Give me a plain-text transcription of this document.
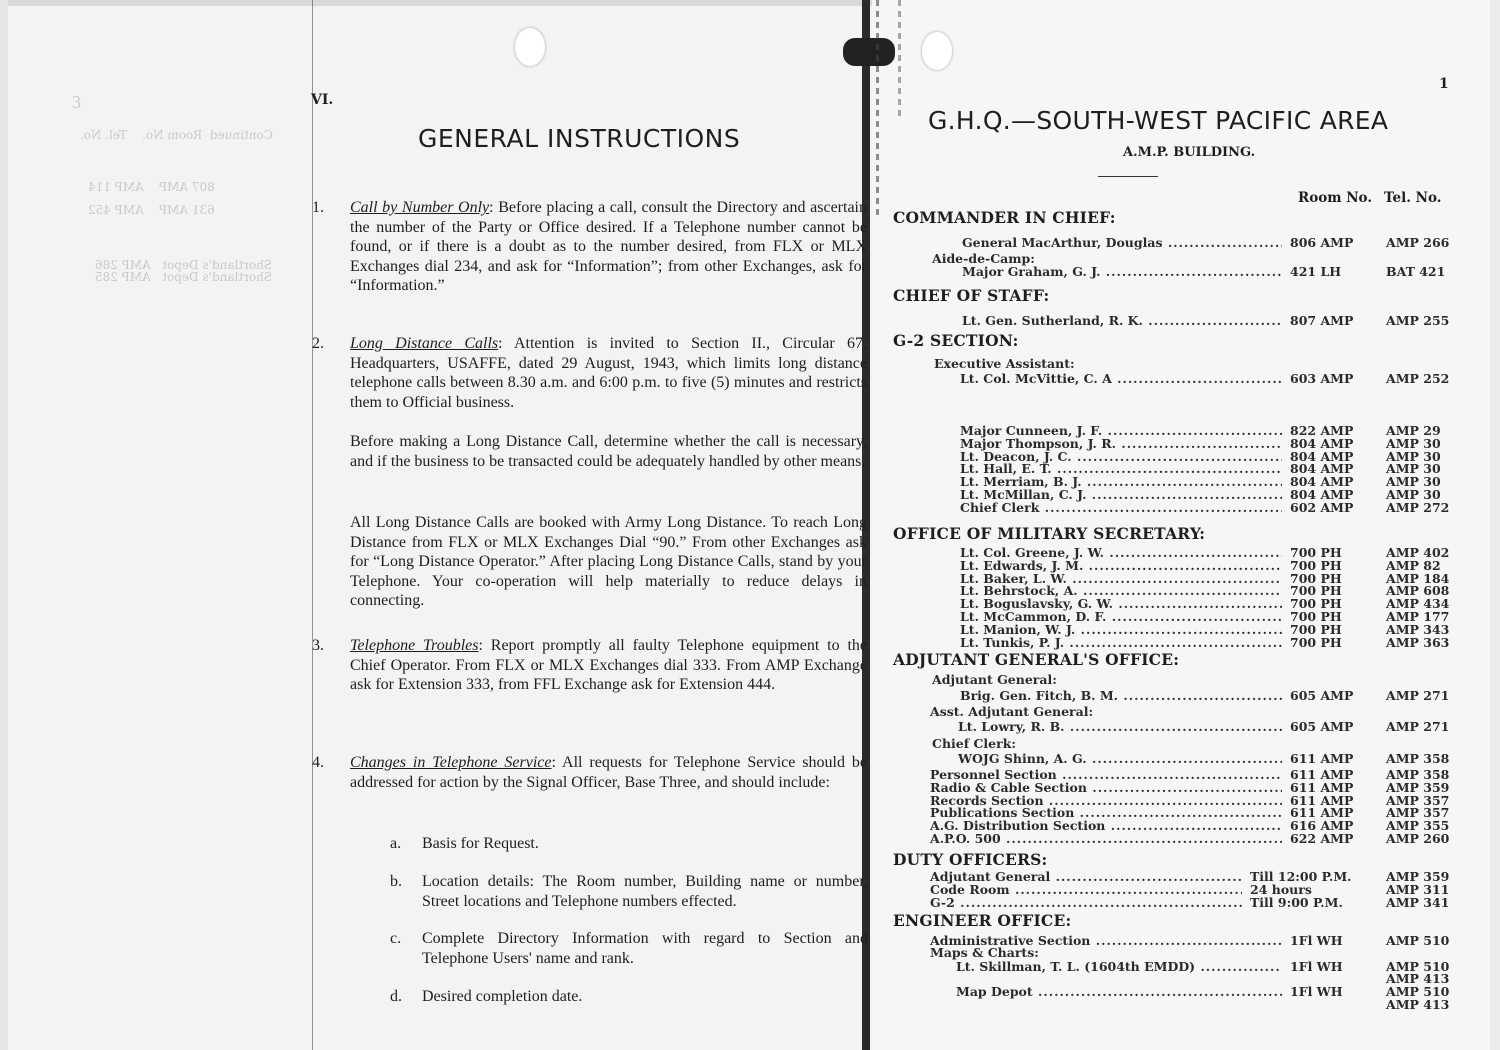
3
Continued  Room No.    Tel. No.
807 AMP    AMP 114
631 AMP    AMP 452
Shortland's Depot   AMP 286
Shortland's Depot   AMP 285
VI.
GENERAL INSTRUCTIONS
1. Call by Number Only: Before placing a call, consult the Directory and ascertain the number of the Party or Office desired. If a Telephone number cannot be found, or if there is a doubt as to the number desired, from FLX or MLX Exchanges dial 234, and ask for “Information”; from other Exchanges, ask for “Information.”
2. Long Distance Calls: Attention is invited to Section II., Circular 67, Headquarters, USAFFE, dated 29 August, 1943, which limits long distance telephone calls between 8.30 a.m. and 6:00 p.m. to five (5) minutes and restricts them to Official business.
Before making a Long Distance Call, determine whether the call is necessary, and if the business to be transacted could be adequately handled by other means.
All Long Distance Calls are booked with Army Long Distance. To reach Long Distance from FLX or MLX Exchanges Dial “90.” From other Exchanges ask for “Long Distance Operator.” After placing Long Distance Calls, stand by your Telephone. Your co-operation will help materially to reduce delays in connecting.
3. Telephone Troubles: Report promptly all faulty Telephone equipment to the Chief Operator. From FLX or MLX Exchanges dial 333. From AMP Exchange ask for Extension 333, from FFL Exchange ask for Extension 444.
4. Changes in Telephone Service: All requests for Telephone Service should be addressed for action by the Signal Officer, Base Three, and should include:
a. Basis for Request.
b. Location details: The Room number, Building name or number, Street locations and Telephone numbers effected.
c. Complete Directory Information with regard to Section and Telephone Users' name and rank.
d. Desired completion date.
1
G.H.Q.—SOUTH-WEST PACIFIC AREA
A.M.P. BUILDING.
Room No. Tel. No.
COMMANDER IN CHIEF:
General MacArthur, Douglas .....	806 AMP	AMP 266
Aide-de-Camp:
Major Graham, G. J. .....	421 LH	BAT 421
CHIEF OF STAFF:
Lt. Gen. Sutherland, R. K. .....	807 AMP	AMP 255
G-2 SECTION:
Executive Assistant:
Lt. Col. McVittie, C. A .....	603 AMP	AMP 252
Major Cunneen, J. F. .....	822 AMP	AMP 29
Major Thompson, J. R. .....	804 AMP	AMP 30
Lt. Deacon, J. C. .....	804 AMP	AMP 30
Lt. Hall, E. T. .....	804 AMP	AMP 30
Lt. Merriam, B. J. .....	804 AMP	AMP 30
Lt. McMillan, C. J. .....	804 AMP	AMP 30
Chief Clerk .....	602 AMP	AMP 272
OFFICE OF MILITARY SECRETARY:
Lt. Col. Greene, J. W. .....	700 PH	AMP 402
Lt. Edwards, J. M. .....	700 PH	AMP 82
Lt. Baker, L. W. .....	700 PH	AMP 184
Lt. Behrstock, A. .....	700 PH	AMP 608
Lt. Boguslavsky, G. W. .....	700 PH	AMP 434
Lt. McCammon, D. F. .....	700 PH	AMP 177
Lt. Manion, W. J. .....	700 PH	AMP 343
Lt. Tunkis, P. J. .....	700 PH	AMP 363
ADJUTANT GENERAL'S OFFICE:
Adjutant General:
Brig. Gen. Fitch, B. M. .....	605 AMP	AMP 271
Asst. Adjutant General:
Lt. Lowry, R. B. .....	605 AMP	AMP 271
Chief Clerk:
WOJG Shinn, A. G. .....	611 AMP	AMP 358
Personnel Section .....	611 AMP	AMP 358
Radio & Cable Section .....	611 AMP	AMP 359
Records Section .....	611 AMP	AMP 357
Publications Section .....	611 AMP	AMP 357
A.G. Distribution Section .....	616 AMP	AMP 355
A.P.O. 500 .....	622 AMP	AMP 260
DUTY OFFICERS:
Adjutant General .....	Till 12:00 P.M.	AMP 359
Code Room .....	24 hours	AMP 311
G-2 .....	Till 9:00 P.M.	AMP 341
ENGINEER OFFICE:
Administrative Section .....	1Fl WH	AMP 510
Maps & Charts:
Lt. Skillman, T. L. (1604th EMDD) .....	1Fl WH	AMP 510
AMP 413
Map Depot .....	1Fl WH	AMP 510
AMP 413
